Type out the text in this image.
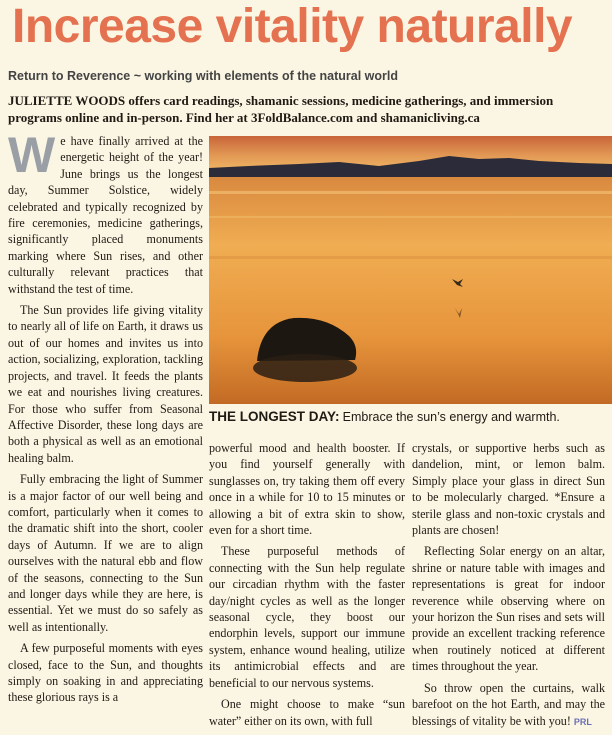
Increase vitality naturally
Return to Reverence ~ working with elements of the natural world
JULIETTE WOODS offers card readings, shamanic sessions, medicine gatherings, and immersion programs online and in-person. Find her at 3FoldBalance.com and shamanicliving.ca

We have finally arrived at the energetic height of the year! June brings us the longest day, Summer Solstice, widely celebrated and typically recognized by fire ceremonies, medicine gatherings, significantly placed monuments marking where Sun rises, and other culturally relevant practices that withstand the test of time.

The Sun provides life giving vitality to nearly all of life on Earth, it draws us out of our homes and invites us into action, socializing, exploration, tackling projects, and travel. It feeds the plants we eat and nourishes living creatures. For those who suffer from Seasonal Affective Disorder, these long days are both a physical as well as an emotional healing balm.

Fully embracing the light of Summer is a major factor of our well being and comfort, particularly when it comes to the dramatic shift into the short, cooler days of Autumn. If we are to align ourselves with the natural ebb and flow of the seasons, connecting to the Sun and longer days while they are here, is essential. Yet we must do so safely as well as intentionally.

A few purposeful moments with eyes closed, face to the Sun, and thoughts simply on soaking in and appreciating these glorious rays is a

THE LONGEST DAY: Embrace the sun’s energy and warmth.

powerful mood and health booster. If you find yourself generally with sunglasses on, try taking them off every once in a while for 10 to 15 minutes or allowing a bit of extra skin to show, even for a short time.

These purposeful methods of connecting with the Sun help regulate our circadian rhythm with the faster day/night cycles as well as the longer seasonal cycle, they boost our endorphin levels, support our immune system, enhance wound healing, utilize its antimicrobial effects and are beneficial to our nervous systems.

One might choose to make “sun water” either on its own, with full

crystals, or supportive herbs such as dandelion, mint, or lemon balm. Simply place your glass in direct Sun to be molecularly charged. *Ensure a sterile glass and non-toxic crystals and plants are chosen!

Reflecting Solar energy on an altar, shrine or nature table with images and representations is great for indoor reverence while observing where on your horizon the Sun rises and sets will provide an excellent tracking reference when routinely noticed at different times throughout the year.

So throw open the curtains, walk barefoot on the hot Earth, and may the blessings of vitality be with you! PRL
